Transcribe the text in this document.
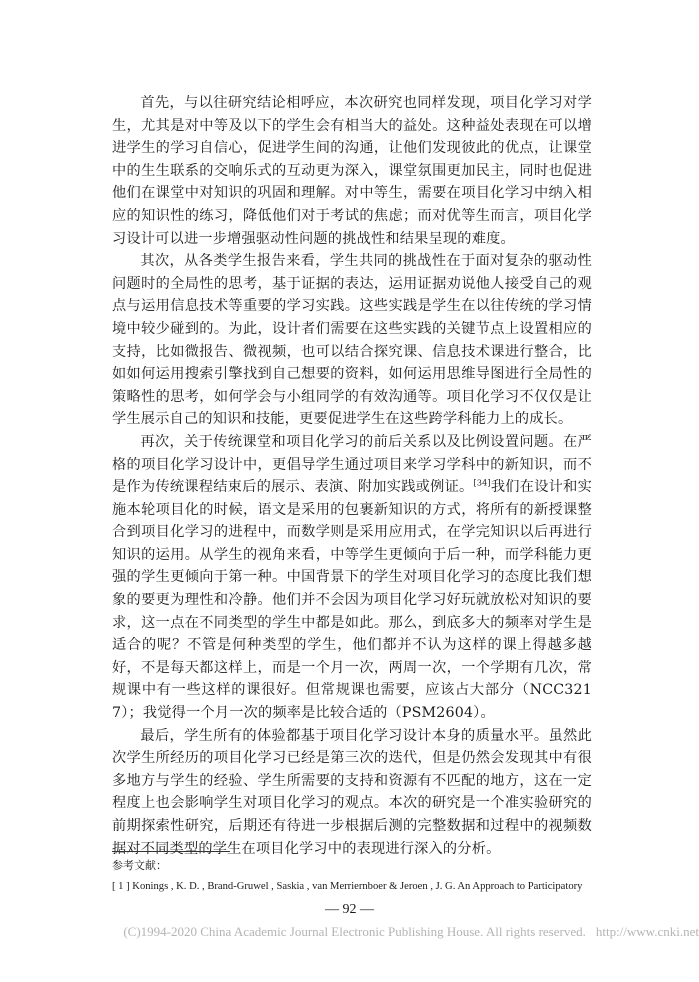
首先，与以往研究结论相呼应，本次研究也同样发现，项目化学习对学生，尤其是对中等及以下的学生会有相当大的益处。这种益处表现在可以增进学生的学习自信心，促进学生间的沟通，让他们发现彼此的优点，让课堂中的生生联系的交响乐式的互动更为深入，课堂氛围更加民主，同时也促进他们在课堂中对知识的巩固和理解。对中等生，需要在项目化学习中纳入相应的知识性的练习，降低他们对于考试的焦虑；而对优等生而言，项目化学习设计可以进一步增强驱动性问题的挑战性和结果呈现的难度。

其次，从各类学生报告来看，学生共同的挑战性在于面对复杂的驱动性问题时的全局性的思考，基于证据的表达，运用证据劝说他人接受自己的观点与运用信息技术等重要的学习实践。这些实践是学生在以往传统的学习情境中较少碰到的。为此，设计者们需要在这些实践的关键节点上设置相应的支持，比如微报告、微视频，也可以结合探究课、信息技术课进行整合，比如如何运用搜索引擎找到自己想要的资料，如何运用思维导图进行全局性的策略性的思考，如何学会与小组同学的有效沟通等。项目化学习不仅仅是让学生展示自己的知识和技能，更要促进学生在这些跨学科能力上的成长。

再次，关于传统课堂和项目化学习的前后关系以及比例设置问题。在严格的项目化学习设计中，更倡导学生通过项目来学习学科中的新知识，而不是作为传统课程结束后的展示、表演、附加实践或例证。[34]我们在设计和实施本轮项目化的时候，语文是采用的包裹新知识的方式，将所有的新授课整合到项目化学习的进程中，而数学则是采用应用式，在学完知识以后再进行知识的运用。从学生的视角来看，中等学生更倾向于后一种，而学科能力更强的学生更倾向于第一种。中国背景下的学生对项目化学习的态度比我们想象的要更为理性和冷静。他们并不会因为项目化学习好玩就放松对知识的要求，这一点在不同类型的学生中都是如此。那么，到底多大的频率对学生是适合的呢？不管是何种类型的学生，他们都并不认为这样的课上得越多越好，不是每天都这样上，而是一个月一次，两周一次，一个学期有几次，常规课中有一些这样的课很好。但常规课也需要，应该占大部分（NCC3217）；我觉得一个月一次的频率是比较合适的（PSM2604）。

最后，学生所有的体验都基于项目化学习设计本身的质量水平。虽然此次学生所经历的项目化学习已经是第三次的迭代，但是仍然会发现其中有很多地方与学生的经验、学生所需要的支持和资源有不匹配的地方，这在一定程度上也会影响学生对项目化学习的观点。本次的研究是一个准实验研究的前期探索性研究，后期还有待进一步根据后测的完整数据和过程中的视频数据对不同类型的学生在项目化学习中的表现进行深入的分析。

参考文献：
[ 1 ] Konings , K. D. , Brand-Gruwel , Saskia , van Merriernboer & Jeroen , J. G. An Approach to Participatory
— 92 —
(C)1994-2020 China Academic Journal Electronic Publishing House. All rights reserved. http://www.cnki.net
